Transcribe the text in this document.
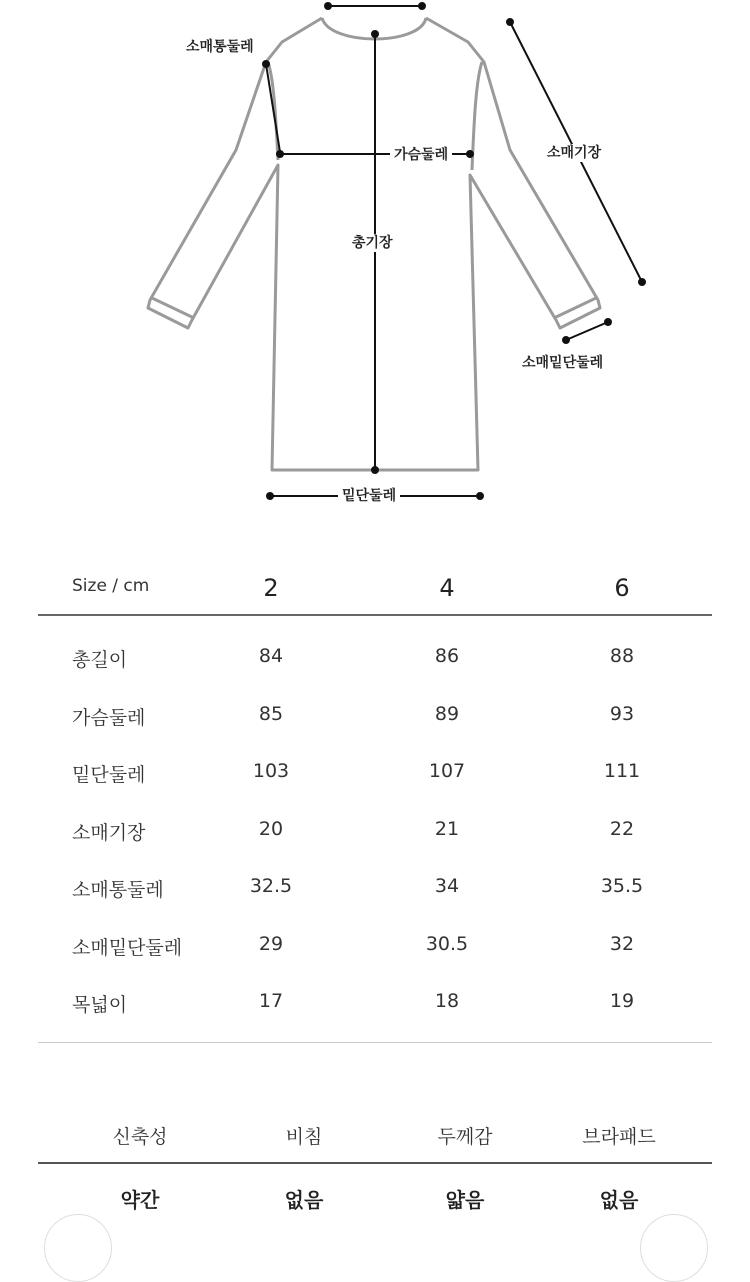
소매통둘레
가슴둘레	소매기장
총기장
소매밑단둘레
밑단둘레
Size / cm	2	4	6
총길이	84	86	88
가슴둘레	85	89	93
밑단둘레	103	107	111
소매기장	20	21	22
소매통둘레	32.5	34	35.5
소매밑단둘레	29	30.5	32
목넓이	17	18	19
신축성	비침	두께감	브라패드
약간	없음	얇음	없음
